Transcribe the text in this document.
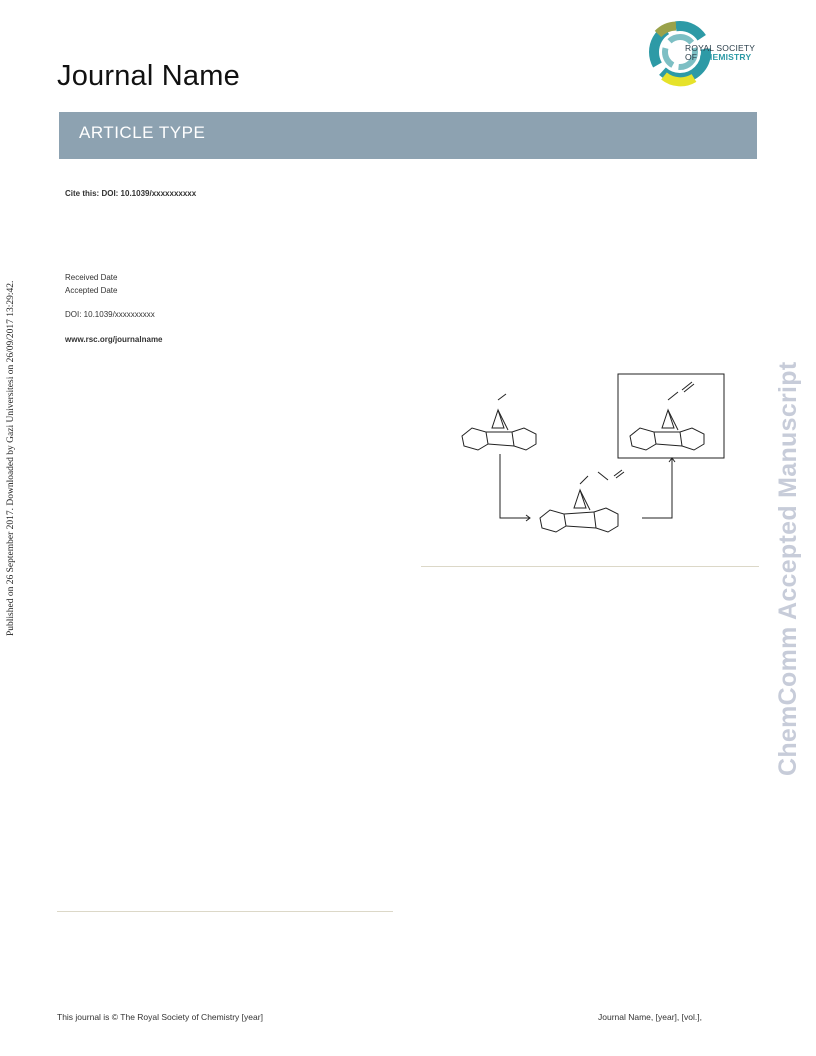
Journal Name
ROYAL SOCIETY
OF CHEMISTRY
ARTICLE TYPE
Cite this: DOI: 10.1039/xxxxxxxxxx
Received Date
Accepted Date
DOI: 10.1039/xxxxxxxxxx
www.rsc.org/journalname
Published on 26 September 2017. Downloaded by Gazi Universitesi on 26/09/2017 13:29:42.	ChemComm Accepted Manuscript
This journal is © The Royal Society of Chemistry [year]	Journal Name, [year], [vol.],
